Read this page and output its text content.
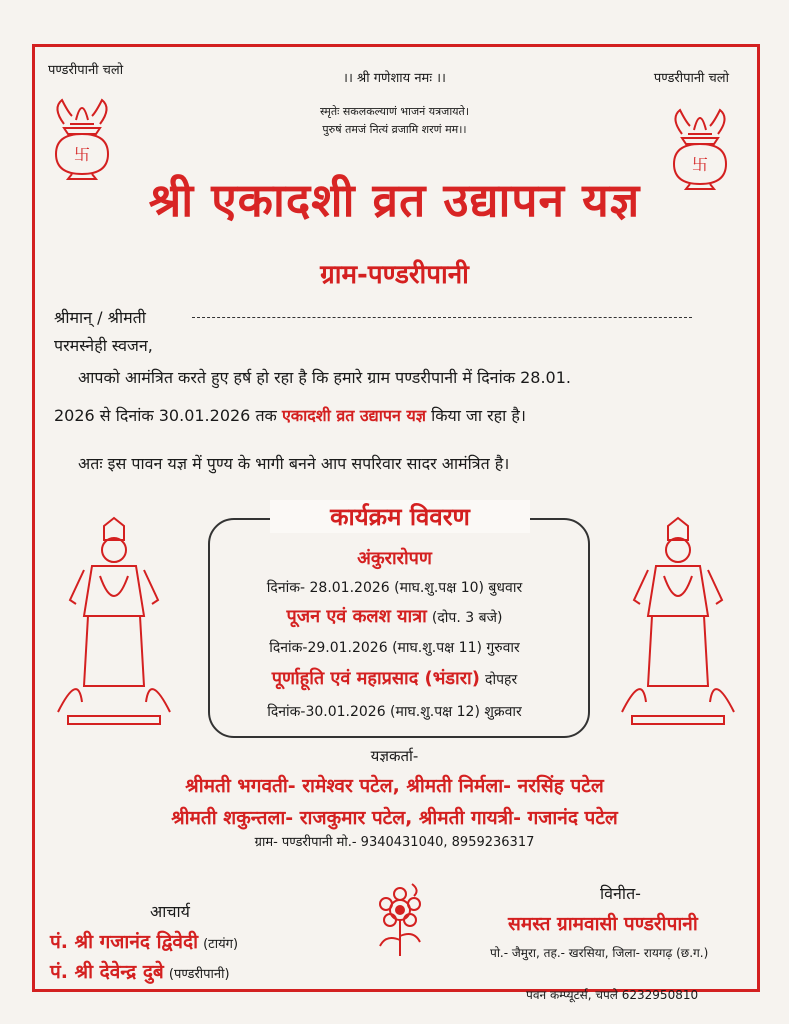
पण्डरीपानी चलो
पण्डरीपानी चलो
।। श्री गणेशाय नमः ।।
स्मृतेः सकलकल्याणं भाजनं यत्रजायते।
पुरुषं तमजं नित्यं व्रजामि शरणं मम।।
卐
卐
श्री एकादशी व्रत उद्यापन यज्ञ
ग्राम-पण्डरीपानी
श्रीमान् / श्रीमती
परमस्नेही स्वजन,
आपको आमंत्रित करते हुए हर्ष हो रहा है कि हमारे ग्राम पण्डरीपानी में दिनांक 28.01.
2026 से दिनांक 30.01.2026 तक एकादशी व्रत उद्यापन यज्ञ किया जा रहा है।
अतः इस पावन यज्ञ में पुण्य के भागी बनने आप सपरिवार सादर आमंत्रित है।
कार्यक्रम विवरण
अंकुरारोपण
दिनांक- 28.01.2026 (माघ.शु.पक्ष 10) बुधवार
पूजन एवं कलश यात्रा (दोप. 3 बजे)
दिनांक-29.01.2026 (माघ.शु.पक्ष 11) गुरुवार
पूर्णाहूति एवं महाप्रसाद (भंडारा) दोपहर
दिनांक-30.01.2026 (माघ.शु.पक्ष 12) शुक्रवार
यज्ञकर्ता-
श्रीमती भगवती- रामेश्वर पटेल, श्रीमती निर्मला- नरसिंह पटेल
श्रीमती शकुन्तला- राजकुमार पटेल, श्रीमती गायत्री- गजानंद पटेल
ग्राम- पण्डरीपानी मो.- 9340431040, 8959236317
आचार्य
पं. श्री गजानंद द्विवेदी (टायंग)
पं. श्री देवेन्द्र दुबे (पण्डरीपानी)
विनीत-
समस्त ग्रामवासी पण्डरीपानी
पो.- जैमुरा, तह.- खरसिया, जिला- रायगढ़ (छ.ग.)
पवन कम्प्यूटर्स, चपले 6232950810
